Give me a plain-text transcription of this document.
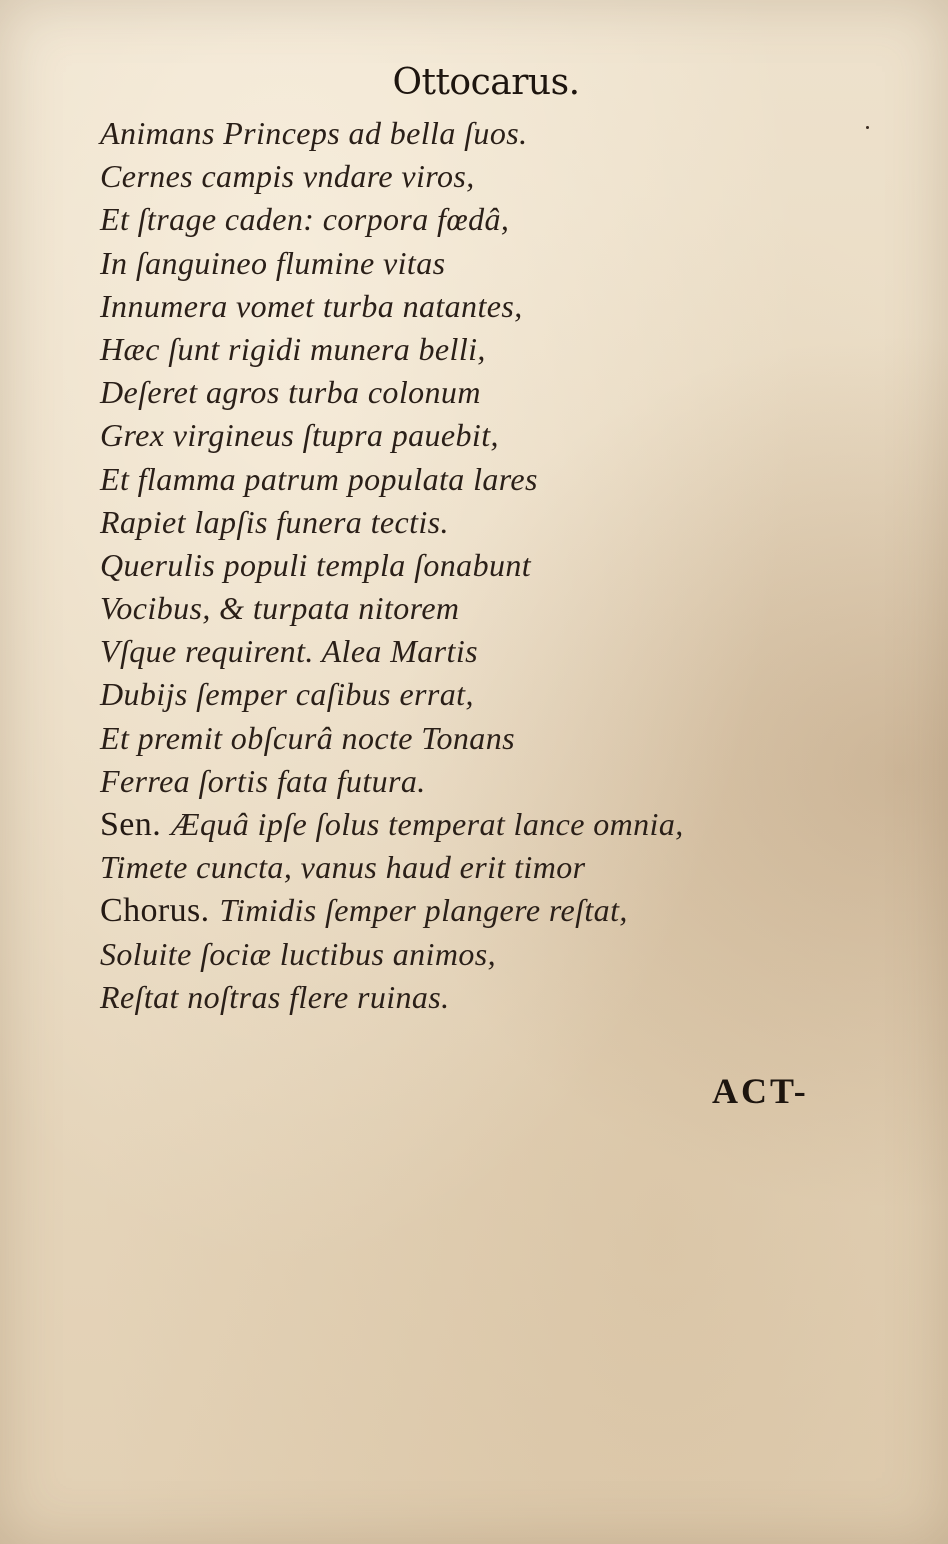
Ottocarus.
Animans Princeps ad bella ſuos.
Cernes campis vndare viros,
Et ſtrage caden: corpora fœdâ,
In ſanguineo flumine vitas
Innumera vomet turba natantes,
Hæc ſunt rigidi munera belli,
Deſeret agros turba colonum
Grex virgineus ſtupra pauebit,
Et flamma patrum populata lares
Rapiet lapſis funera tectis.
Querulis populi templa ſonabunt
Vocibus, & turpata nitorem
Vſque requirent. Alea Martis
Dubijs ſemper caſibus errat,
Et premit obſcurâ nocte Tonans
Ferrea ſortis fata futura.
Sen. Æquâ ipſe ſolus temperat lance omnia,
Timete cuncta, vanus haud erit timor
Chorus. Timidis ſemper plangere reſtat,
Soluite ſociæ luctibus animos,
Reſtat noſtras flere ruinas.
ACT-
